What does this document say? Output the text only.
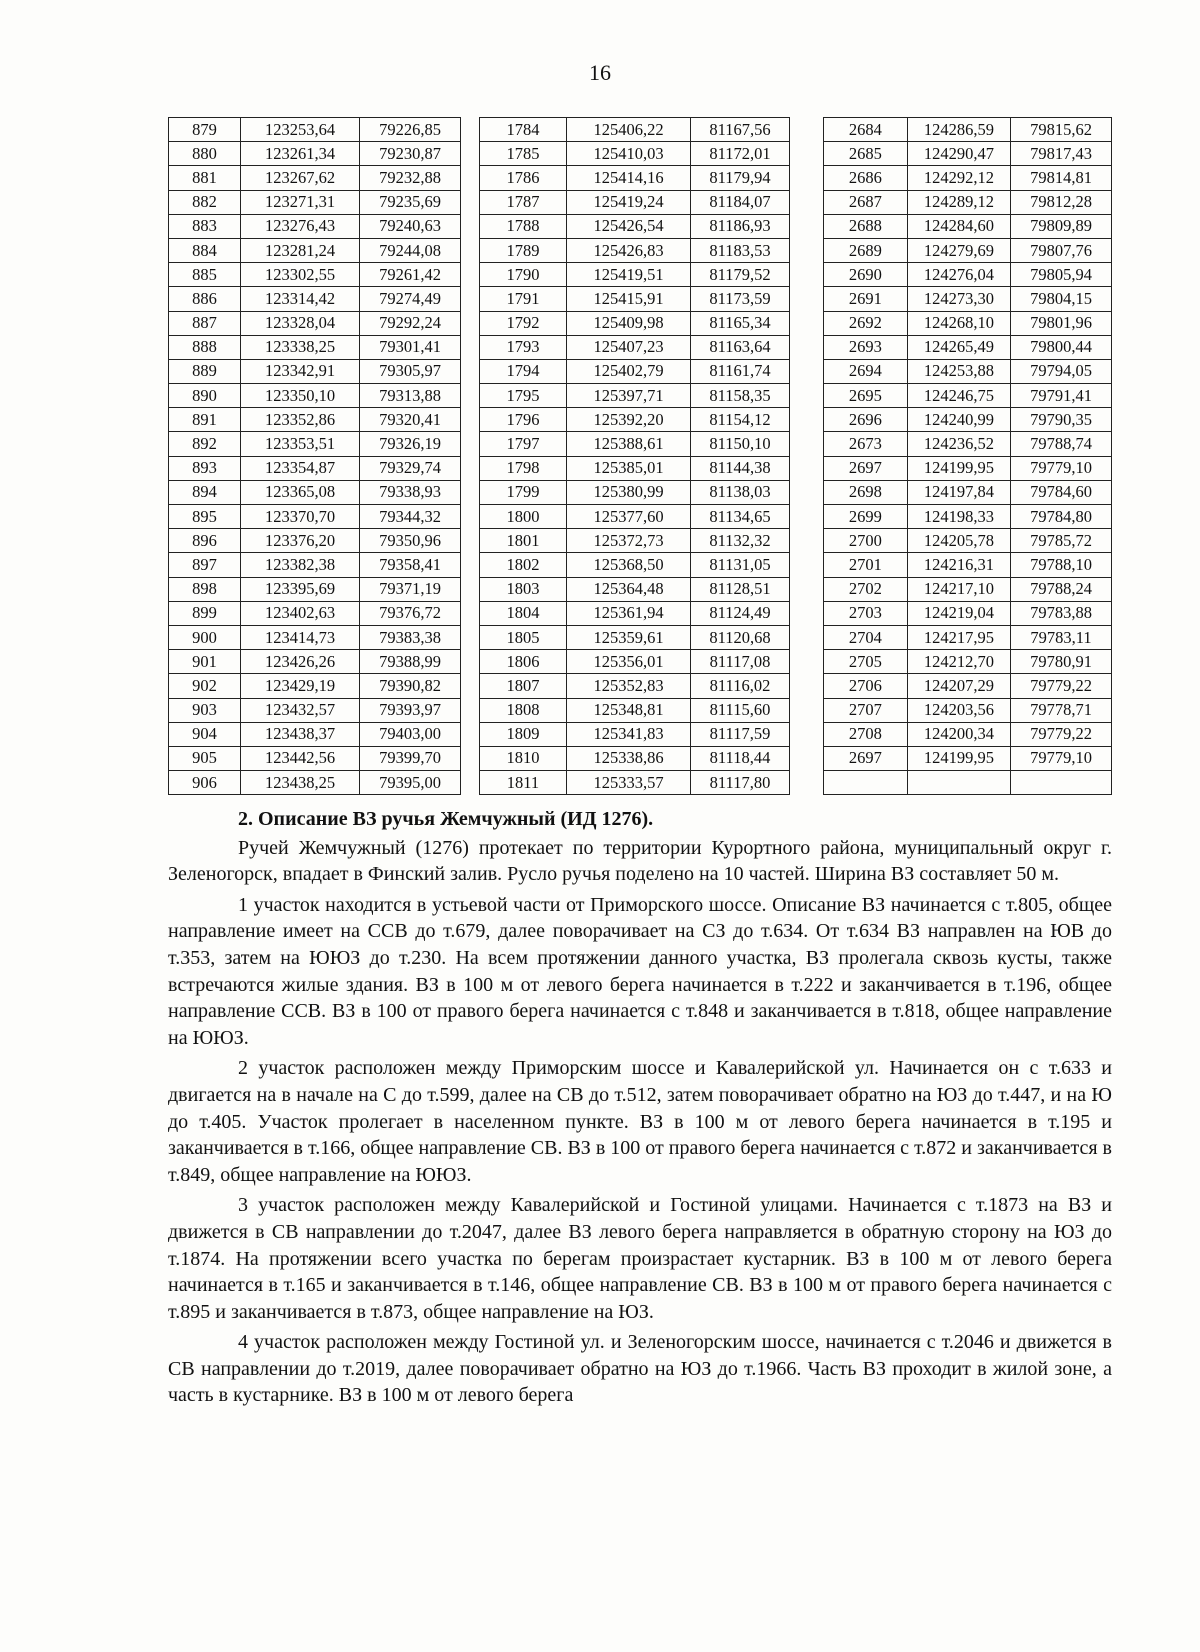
16
879	123253,64	79226,85
880	123261,34	79230,87
881	123267,62	79232,88
882	123271,31	79235,69
883	123276,43	79240,63
884	123281,24	79244,08
885	123302,55	79261,42
886	123314,42	79274,49
887	123328,04	79292,24
888	123338,25	79301,41
889	123342,91	79305,97
890	123350,10	79313,88
891	123352,86	79320,41
892	123353,51	79326,19
893	123354,87	79329,74
894	123365,08	79338,93
895	123370,70	79344,32
896	123376,20	79350,96
897	123382,38	79358,41
898	123395,69	79371,19
899	123402,63	79376,72
900	123414,73	79383,38
901	123426,26	79388,99
902	123429,19	79390,82
903	123432,57	79393,97
904	123438,37	79403,00
905	123442,56	79399,70
906	123438,25	79395,00
1784	125406,22	81167,56
1785	125410,03	81172,01
1786	125414,16	81179,94
1787	125419,24	81184,07
1788	125426,54	81186,93
1789	125426,83	81183,53
1790	125419,51	81179,52
1791	125415,91	81173,59
1792	125409,98	81165,34
1793	125407,23	81163,64
1794	125402,79	81161,74
1795	125397,71	81158,35
1796	125392,20	81154,12
1797	125388,61	81150,10
1798	125385,01	81144,38
1799	125380,99	81138,03
1800	125377,60	81134,65
1801	125372,73	81132,32
1802	125368,50	81131,05
1803	125364,48	81128,51
1804	125361,94	81124,49
1805	125359,61	81120,68
1806	125356,01	81117,08
1807	125352,83	81116,02
1808	125348,81	81115,60
1809	125341,83	81117,59
1810	125338,86	81118,44
1811	125333,57	81117,80
2684	124286,59	79815,62
2685	124290,47	79817,43
2686	124292,12	79814,81
2687	124289,12	79812,28
2688	124284,60	79809,89
2689	124279,69	79807,76
2690	124276,04	79805,94
2691	124273,30	79804,15
2692	124268,10	79801,96
2693	124265,49	79800,44
2694	124253,88	79794,05
2695	124246,75	79791,41
2696	124240,99	79790,35
2673	124236,52	79788,74
2697	124199,95	79779,10
2698	124197,84	79784,60
2699	124198,33	79784,80
2700	124205,78	79785,72
2701	124216,31	79788,10
2702	124217,10	79788,24
2703	124219,04	79783,88
2704	124217,95	79783,11
2705	124212,70	79780,91
2706	124207,29	79779,22
2707	124203,56	79778,71
2708	124200,34	79779,22
2697	124199,95	79779,10

2. Описание ВЗ ручья Жемчужный (ИД 1276).

Ручей Жемчужный (1276) протекает по территории Курортного района, муниципальный округ г. Зеленогорск, впадает в Финский залив. Русло ручья поделено на 10 частей. Ширина ВЗ составляет 50 м.

1 участок находится в устьевой части от Приморского шоссе. Описание ВЗ начинается с т.805, общее направление имеет на ССВ до т.679, далее поворачивает на СЗ до т.634. От т.634 ВЗ направлен на ЮВ до т.353, затем на ЮЮЗ до т.230. На всем протяжении данного участка, ВЗ пролегала сквозь кусты, также встречаются жилые здания. ВЗ в 100 м от левого берега начинается в т.222 и заканчивается в т.196, общее направление ССВ. ВЗ в 100 от правого берега начинается с т.848 и заканчивается в т.818, общее направление на ЮЮЗ.

2 участок расположен между Приморским шоссе и Кавалерийской ул. Начинается он с т.633 и двигается на в начале на С до т.599, далее на СВ до т.512, затем поворачивает обратно на ЮЗ до т.447, и на Ю до т.405. Участок пролегает в населенном пункте. ВЗ в 100 м от левого берега начинается в т.195 и заканчивается в т.166, общее направление СВ. ВЗ в 100 от правого берега начинается с т.872 и заканчивается в т.849, общее направление на ЮЮЗ.

3 участок расположен между Кавалерийской и Гостиной улицами. Начинается с т.1873 на ВЗ и движется в СВ направлении до т.2047, далее ВЗ левого берега направляется в обратную сторону на ЮЗ до т.1874. На протяжении всего участка по берегам произрастает кустарник. ВЗ в 100 м от левого берега начинается в т.165 и заканчивается в т.146, общее направление СВ. ВЗ в 100 м от правого берега начинается с т.895 и заканчивается в т.873, общее направление на ЮЗ.

4 участок расположен между Гостиной ул. и Зеленогорским шоссе, начинается с т.2046 и движется в СВ направлении до т.2019, далее поворачивает обратно на ЮЗ до т.1966. Часть ВЗ проходит в жилой зоне, а часть в кустарнике. ВЗ в 100 м от левого берега
